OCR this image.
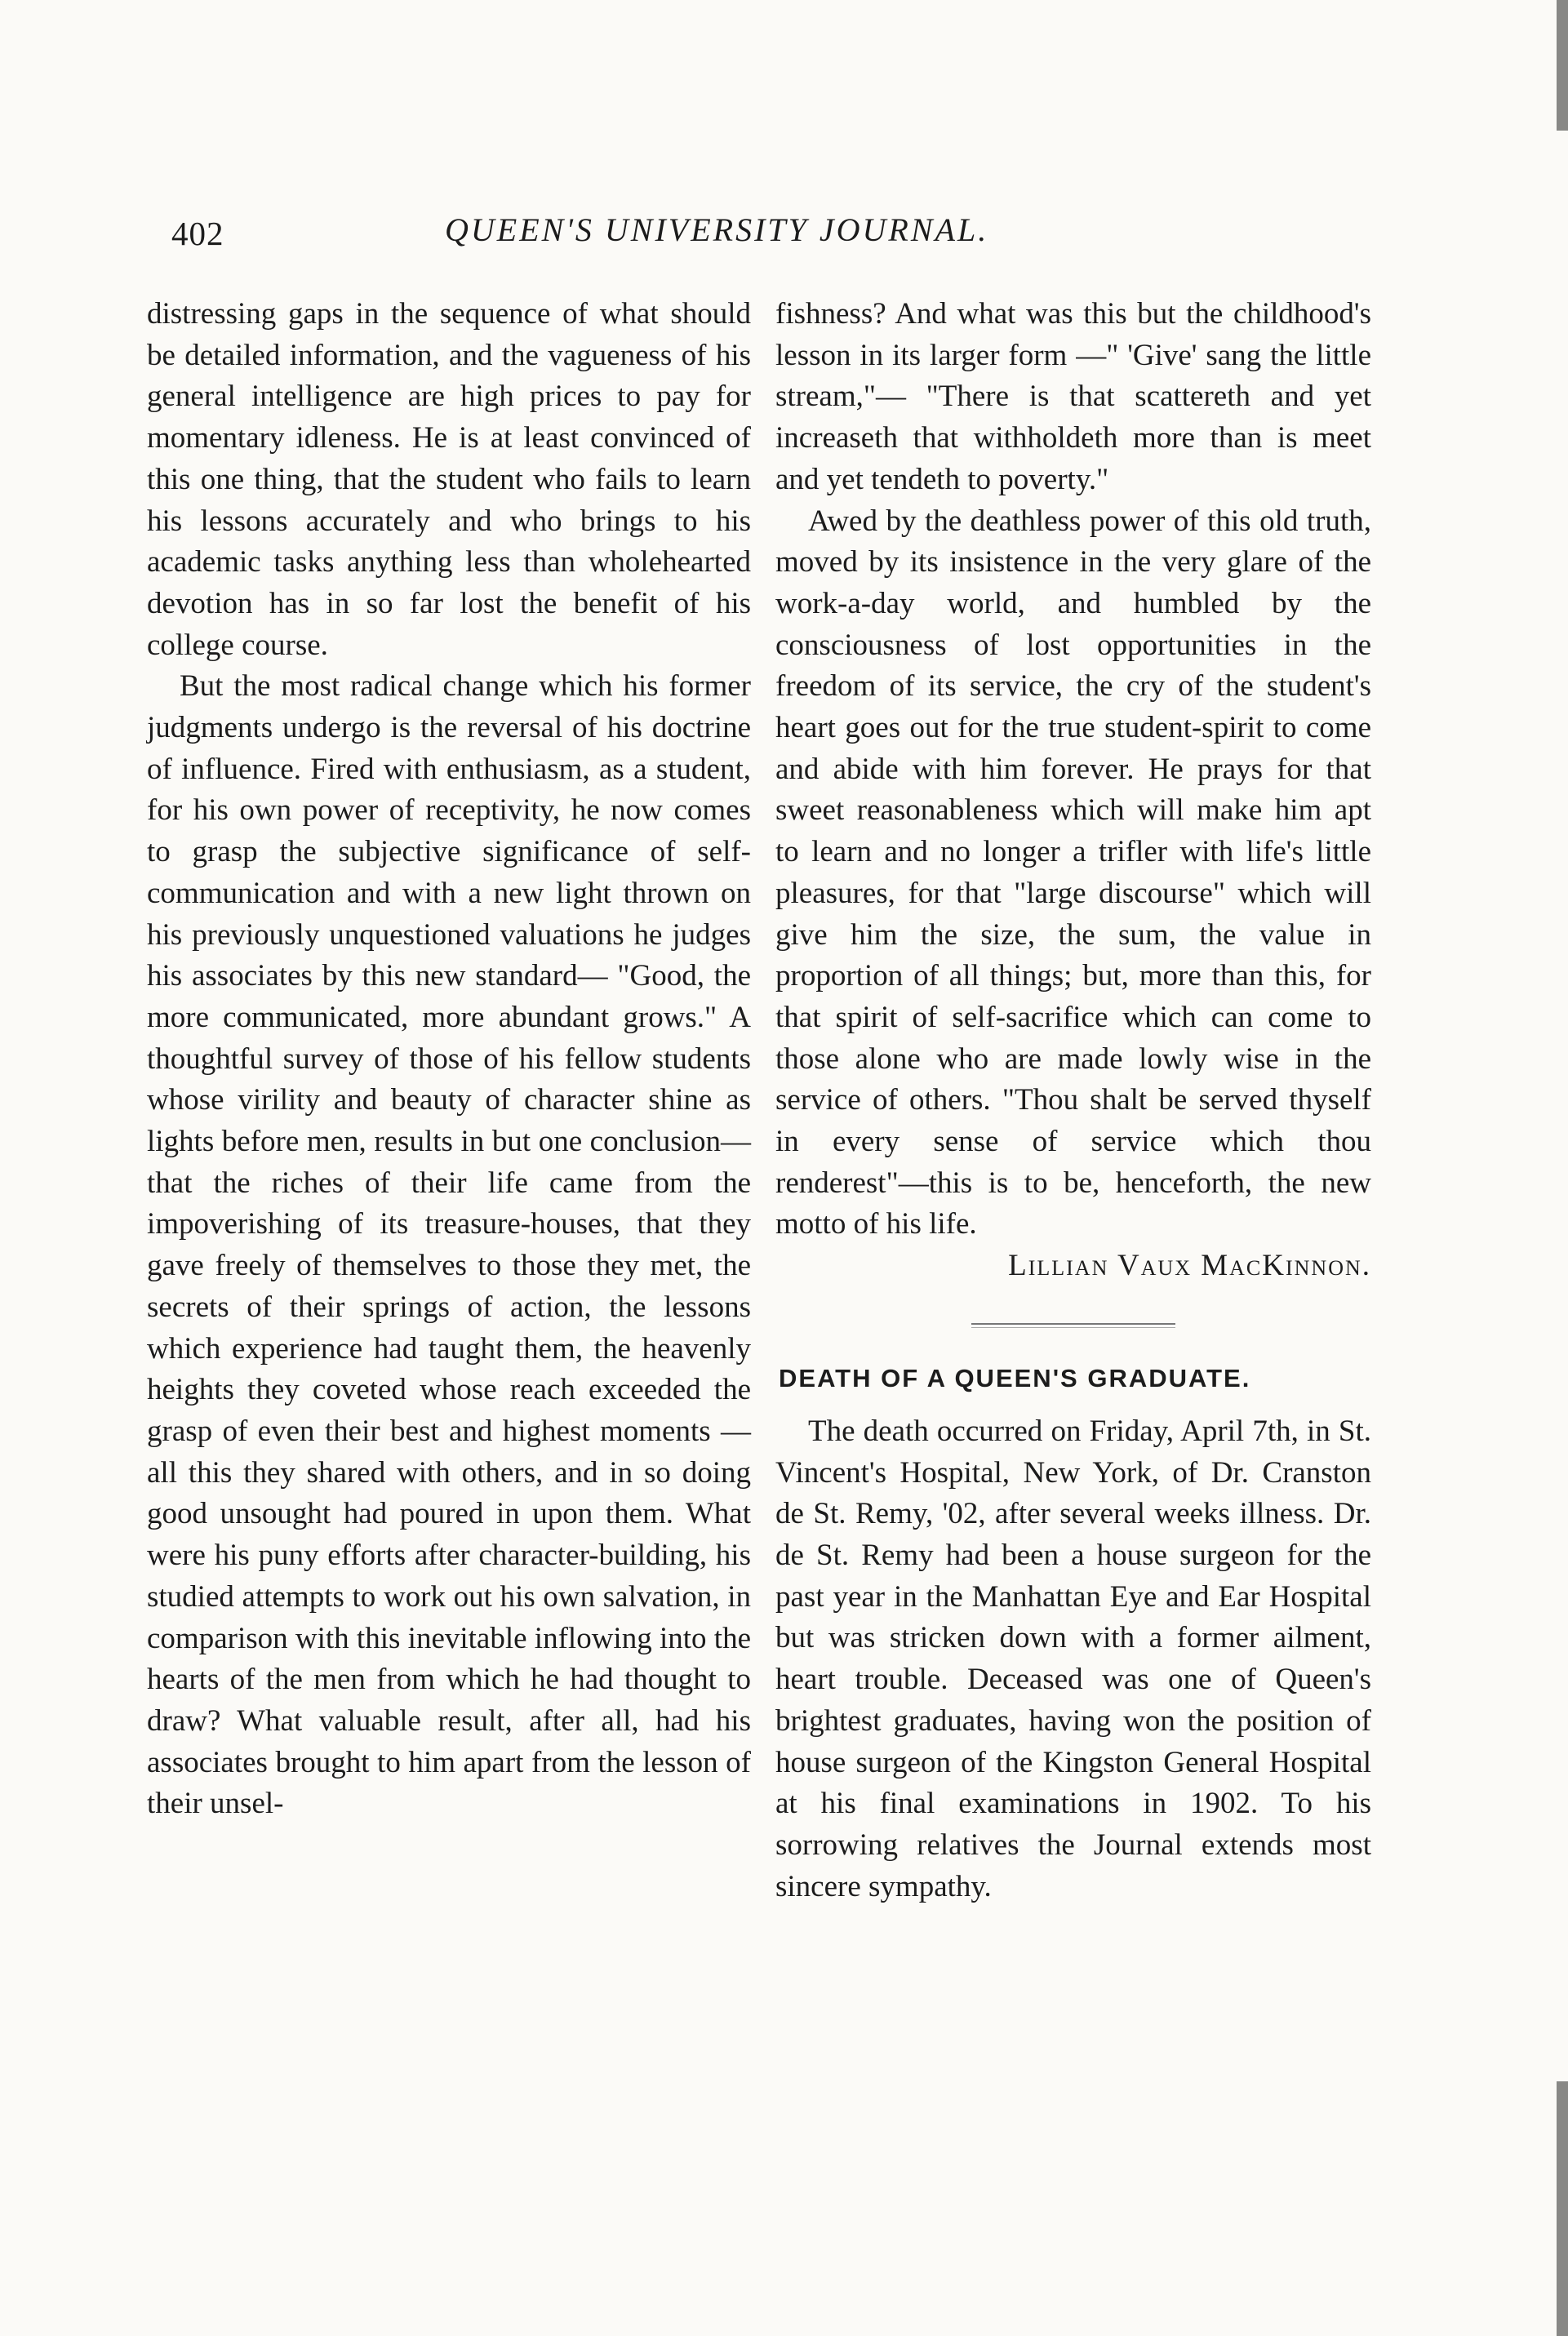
402	QUEEN'S UNIVERSITY JOURNAL.

distressing gaps in the sequence of what should be detailed information, and the vagueness of his general intelligence are high prices to pay for momentary idleness. He is at least convinced of this one thing, that the student who fails to learn his lessons accurately and who brings to his academic tasks anything less than wholehearted devotion has in so far lost the benefit of his college course.

But the most radical change which his former judgments undergo is the reversal of his doctrine of influence. Fired with enthusiasm, as a student, for his own power of receptivity, he now comes to grasp the subjective significance of self-communication and with a new light thrown on his previously unquestioned valuations he judges his associates by this new standard— "Good, the more communicated, more abundant grows." A thoughtful survey of those of his fellow students whose virility and beauty of character shine as lights before men, results in but one conclusion— that the riches of their life came from the impoverishing of its treasure-houses, that they gave freely of themselves to those they met, the secrets of their springs of action, the lessons which experience had taught them, the heavenly heights they coveted whose reach exceeded the grasp of even their best and highest moments —all this they shared with others, and in so doing good unsought had poured in upon them. What were his puny efforts after character-building, his studied attempts to work out his own salvation, in comparison with this inevitable inflowing into the hearts of the men from which he had thought to draw? What valuable result, after all, had his associates brought to him apart from the lesson of their unsel-

fishness? And what was this but the childhood's lesson in its larger form —" 'Give' sang the little stream,"— "There is that scattereth and yet increaseth that withholdeth more than is meet and yet tendeth to poverty."

Awed by the deathless power of this old truth, moved by its insistence in the very glare of the work-a-day world, and humbled by the consciousness of lost opportunities in the freedom of its service, the cry of the student's heart goes out for the true student-spirit to come and abide with him forever. He prays for that sweet reasonableness which will make him apt to learn and no longer a trifler with life's little pleasures, for that "large discourse" which will give him the size, the sum, the value in proportion of all things; but, more than this, for that spirit of self-sacrifice which can come to those alone who are made lowly wise in the service of others. "Thou shalt be served thyself in every sense of service which thou renderest"—this is to be, henceforth, the new motto of his life.

Lillian Vaux MacKinnon.
DEATH OF A QUEEN'S GRADUATE.

The death occurred on Friday, April 7th, in St. Vincent's Hospital, New York, of Dr. Cranston de St. Remy, '02, after several weeks illness. Dr. de St. Remy had been a house surgeon for the past year in the Manhattan Eye and Ear Hospital but was stricken down with a former ailment, heart trouble. Deceased was one of Queen's brightest graduates, having won the position of house surgeon of the Kingston General Hospital at his final examinations in 1902. To his sorrowing relatives the Journal extends most sincere sympathy.
